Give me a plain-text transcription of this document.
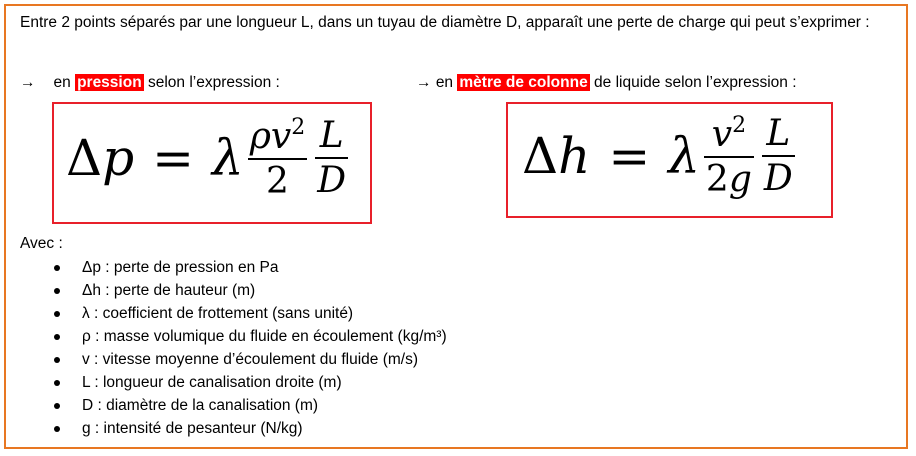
Entre 2 points séparés par une longueur L, dans un tuyau de diamètre D, apparaît une perte de charge qui peut s’exprimer :
→ en pression selon l’expression :	→ en mètre de colonne de liquide selon l’expression :
Δ p = λ $\frac{\rho v^2}{2} \frac{L}{D}$	Δ h = λ $\frac{v^2}{2g} \frac{L}{D}$
Avec :
Δp : perte de pression en Pa
Δh : perte de hauteur (m)
λ : coefficient de frottement (sans unité)
ρ : masse volumique du fluide en écoulement (kg/m³)
v : vitesse moyenne d’écoulement du fluide (m/s)
L : longueur de canalisation droite (m)
D : diamètre de la canalisation (m)
g : intensité de pesanteur (N/kg)
